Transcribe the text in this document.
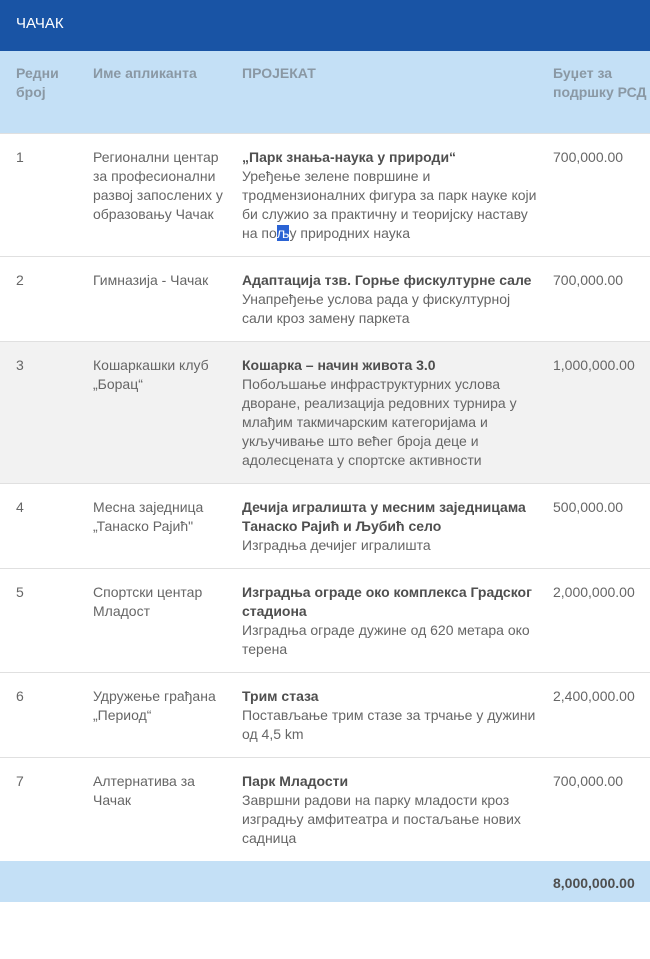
ЧАЧАК
Редни број	Име апликанта	ПРОЈЕКАТ	Буџет за подршку РСД
1	Регионални центар за професионални развој запослених у образовању Чачак	„Парк знања-наука у природи“
Уређење зелене површине и тродмензионалних фигура за парк науке који би служио за практичну и теоријску наставу на пољу природних наука	700,000.00
2	Гимназија - Чачак	Адаптација тзв. Горње фискултурне сале
Унапређење услова рада у фискултурној сали кроз замену паркета	700,000.00
3	Кошаркашки клуб „Борац“	Кошарка – начин живота 3.0
Побољшање инфраструктурних услова дворане, реализација редовних турнира у млађим такмичарским категоријама и укључивање што већег броја деце и адолесцената у спортске активности	1,000,000.00
4	Месна заједница „Танаско Рајић"	Дечија игралишта у месним заједницама Танаско Рајић и Љубић село
Изградња дечијег игралишта	500,000.00
5	Спортски центар Младост	Изградња ограде око комплекса Градског стадиона
Изградња ограде дужине од 620 метара око терена	2,000,000.00
6	Удружење грађана „Период“	Трим стаза
Постављање трим стазе за трчање у дужини од 4,5 km	2,400,000.00
7	Алтернатива за Чачак	Парк Младости
Завршни радови на парку младости кроз изградњу амфитеатра и постаљање нових садница	700,000.00
			8,000,000.00
